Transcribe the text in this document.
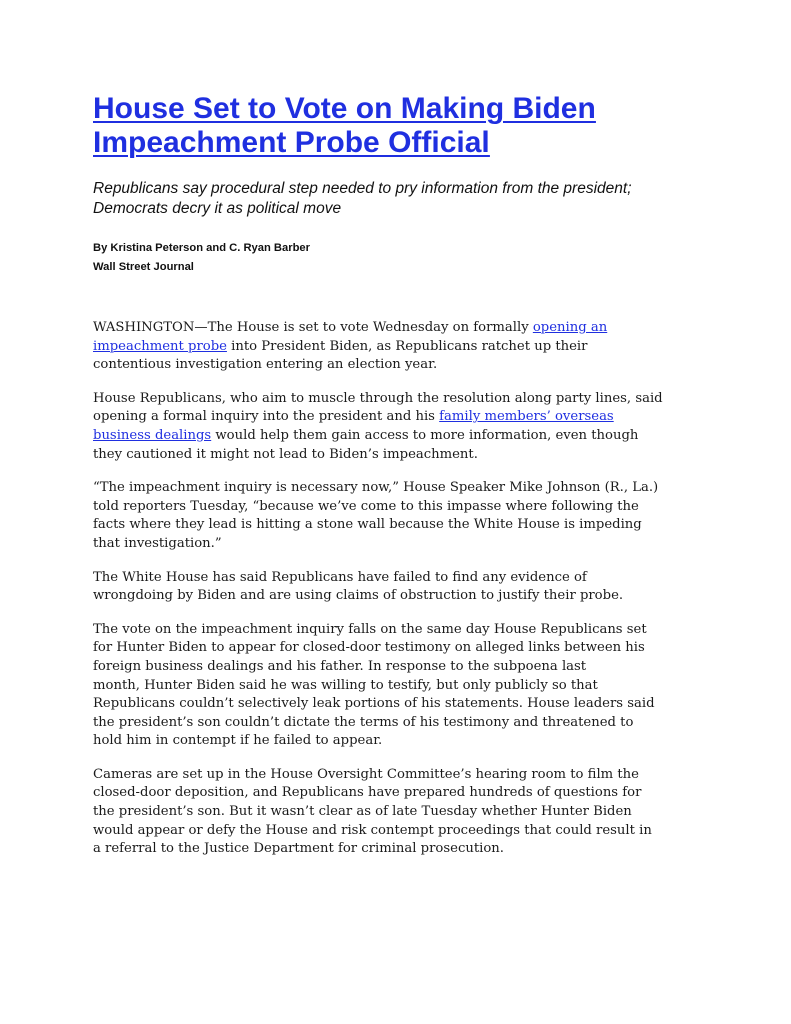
House Set to Vote on Making Biden Impeachment Probe Official

Republicans say procedural step needed to pry information from the president; Democrats decry it as political move

By Kristina Peterson and C. Ryan Barber
Wall Street Journal

WASHINGTON—The House is set to vote Wednesday on formally opening an
impeachment probe into President Biden, as Republicans ratchet up their
contentious investigation entering an election year.

House Republicans, who aim to muscle through the resolution along party lines, said
opening a formal inquiry into the president and his family members’ overseas
business dealings would help them gain access to more information, even though
they cautioned it might not lead to Biden’s impeachment.

“The impeachment inquiry is necessary now,” House Speaker Mike Johnson (R., La.)
told reporters Tuesday, “because we’ve come to this impasse where following the
facts where they lead is hitting a stone wall because the White House is impeding
that investigation.”

The White House has said Republicans have failed to find any evidence of
wrongdoing by Biden and are using claims of obstruction to justify their probe.

The vote on the impeachment inquiry falls on the same day House Republicans set
for Hunter Biden to appear for closed-door testimony on alleged links between his
foreign business dealings and his father. In response to the subpoena last
month, Hunter Biden said he was willing to testify, but only publicly so that
Republicans couldn’t selectively leak portions of his statements. House leaders said
the president’s son couldn’t dictate the terms of his testimony and threatened to
hold him in contempt if he failed to appear.

Cameras are set up in the House Oversight Committee’s hearing room to film the
closed-door deposition, and Republicans have prepared hundreds of questions for
the president’s son. But it wasn’t clear as of late Tuesday whether Hunter Biden
would appear or defy the House and risk contempt proceedings that could result in
a referral to the Justice Department for criminal prosecution.
